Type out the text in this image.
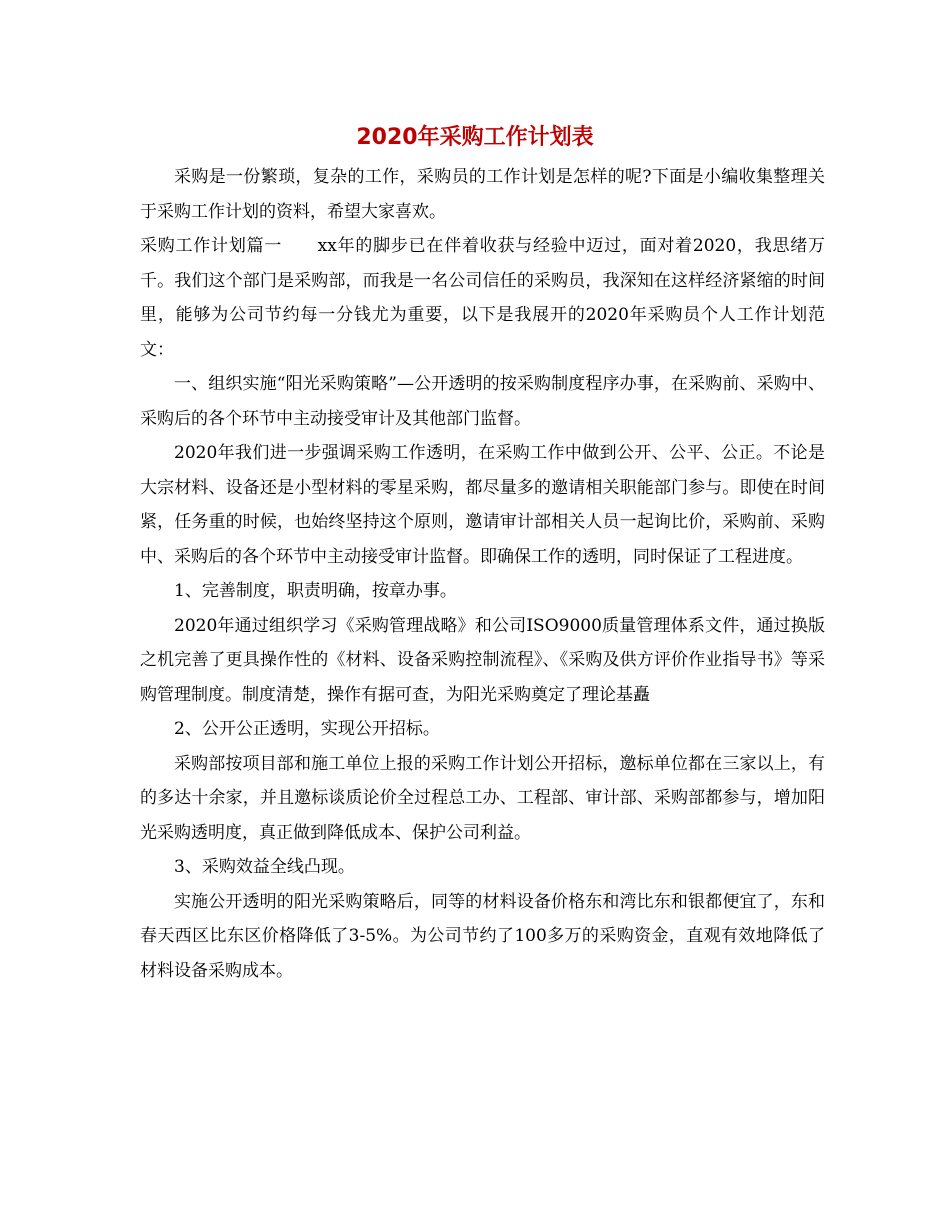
2020年采购工作计划表

采购是一份繁琐，复杂的工作，采购员的工作计划是怎样的呢?下面是小编收集整理关于采购工作计划的资料，希望大家喜欢。

采购工作计划篇一　　xx年的脚步已在伴着收获与经验中迈过，面对着2020，我思绪万千。我们这个部门是采购部，而我是一名公司信任的采购员，我深知在这样经济紧缩的时间里，能够为公司节约每一分钱尤为重要，以下是我展开的2020年采购员个人工作计划范文：

一、组织实施“阳光采购策略”—公开透明的按采购制度程序办事，在采购前、采购中、采购后的各个环节中主动接受审计及其他部门监督。

2020年我们进一步强调采购工作透明，在采购工作中做到公开、公平、公正。不论是大宗材料、设备还是小型材料的零星采购，都尽量多的邀请相关职能部门参与。即使在时间紧，任务重的时候，也始终坚持这个原则，邀请审计部相关人员一起询比价，采购前、采购中、采购后的各个环节中主动接受审计监督。即确保工作的透明，同时保证了工程进度。

1、完善制度，职责明确，按章办事。

2020年通过组织学习《采购管理战略》和公司ISO9000质量管理体系文件，通过换版之机完善了更具操作性的《材料、设备采购控制流程》、《采购及供方评价作业指导书》等采购管理制度。制度清楚，操作有据可查，为阳光采购奠定了理论基矗

2、公开公正透明，实现公开招标。

采购部按项目部和施工单位上报的采购工作计划公开招标，邀标单位都在三家以上，有的多达十余家，并且邀标谈质论价全过程总工办、工程部、审计部、采购部都参与，增加阳光采购透明度，真正做到降低成本、保护公司利益。

3、采购效益全线凸现。

实施公开透明的阳光采购策略后，同等的材料设备价格东和湾比东和银都便宜了，东和春天西区比东区价格降低了3-5%。为公司节约了100多万的采购资金，直观有效地降低了材料设备采购成本。
